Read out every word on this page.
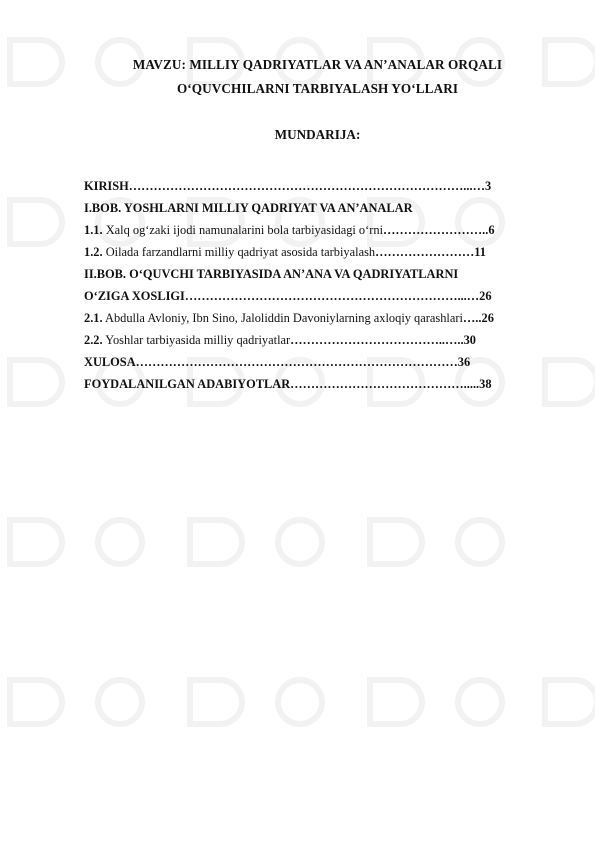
MAVZU: MILLIY QADRIYATLAR VA AN’ANALAR ORQALI
O‘QUVCHILARNI TARBIYALASH YO‘LLARI
MUNDARIJA:
KIRISH………………………………………………………………………...…3
I.BOB. YOSHLARNI MILLIY QADRIYAT VA AN’ANALAR
1.1. Xalq og‘zaki ijodi namunalarini bola tarbiyasidagi o‘rni……………………..6
1.2. Oilada farzandlarni milliy qadriyat asosida tarbiyalash……………………11
II.BOB. O‘QUVCHI TARBIYASIDA AN’ANA VA QADRIYATLARNI
O‘ZIGA XOSLIGI…………………………………………………………...…26
2.1. Abdulla Avloniy, Ibn Sino, Jaloliddin Davoniylarning axloqiy qarashlari…..26
2.2. Yoshlar tarbiyasida milliy qadriyatlar………………………………..…..30
XULOSA……………………………………………………………………36
FOYDALANILGAN ADABIYOTLAR…………………………………….....38
